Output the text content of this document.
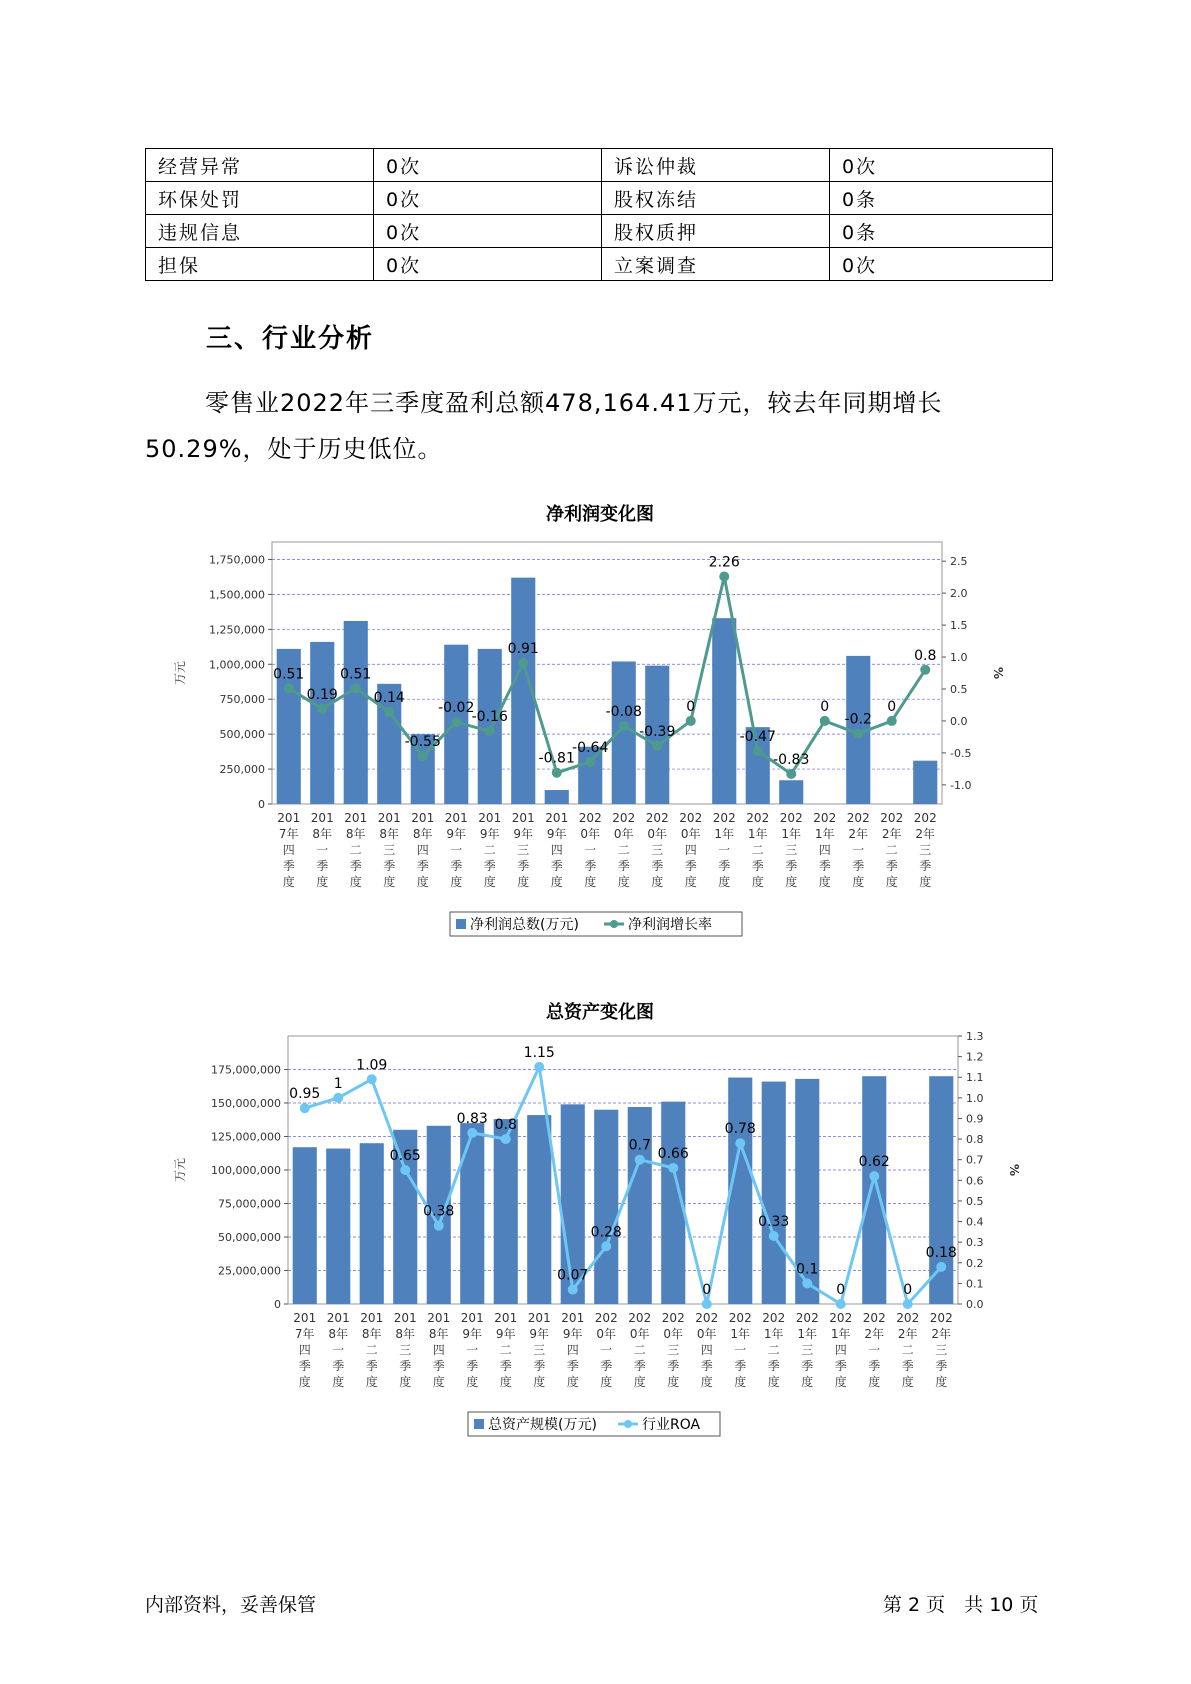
经营异常	0次	诉讼仲裁	0次
环保处罚	0次	股权冻结	0条
违规信息	0次	股权质押	0条
担保	0次	立案调查	0次
三、行业分析
零售业2022年三季度盈利总额478,164.41万元，较去年同期增长50.29%，处于历史低位。
净利润变化图
0
250,000
500,000
750,000
1,000,000
1,250,000
1,500,000
1,750,000
-1.0
-0.5
0.0
0.5
1.0
1.5
2.0
2.5
万元	%
0.51
0.19
0.51
0.14
-0.55
-0.02
-0.16
0.91
-0.81
-0.64
-0.08
-0.39
0
2.26
-0.47
-0.83
0
-0.2
0
0.8
201
7年
四
季
度
201
8年
一
季
度
201
8年
二
季
度
201
8年
三
季
度
201
8年
四
季
度
201
9年
一
季
度
201
9年
二
季
度
201
9年
三
季
度
201
9年
四
季
度
202
0年
一
季
度
202
0年
二
季
度
202
0年
三
季
度
202
0年
四
季
度
202
1年
一
季
度
202
1年
二
季
度
202
1年
三
季
度
202
1年
四
季
度
202
2年
一
季
度
202
2年
二
季
度
202
2年
三
季
度
净利润总数(万元)	净利润增长率
总资产变化图
0
25,000,000
50,000,000
75,000,000
100,000,000
125,000,000
150,000,000
175,000,000
0.0
0.1
0.2
0.3
0.4
0.5
0.6
0.7
0.8
0.9
1.0
1.1
1.2
1.3
万元	%
0.95
1
1.09
0.65
0.38
0.83 0.8
1.15
0.07
0.28
0.7
0.66
0
0.78
0.33
0.1
0
0.62
0
0.18
201
7年
四
季
度
201
8年
一
季
度
201
8年
二
季
度
201
8年
三
季
度
201
8年
四
季
度
201
9年
一
季
度
201
9年
二
季
度
201
9年
三
季
度
201
9年
四
季
度
202
0年
一
季
度
202
0年
二
季
度
202
0年
三
季
度
202
0年
四
季
度
202
1年
一
季
度
202
1年
二
季
度
202
1年
三
季
度
202
1年
四
季
度
202
2年
一
季
度
202
2年
二
季
度
202
2年
三
季
度
总资产规模(万元)	行业ROA
内部资料，妥善保管	第 2 页　共 10 页
